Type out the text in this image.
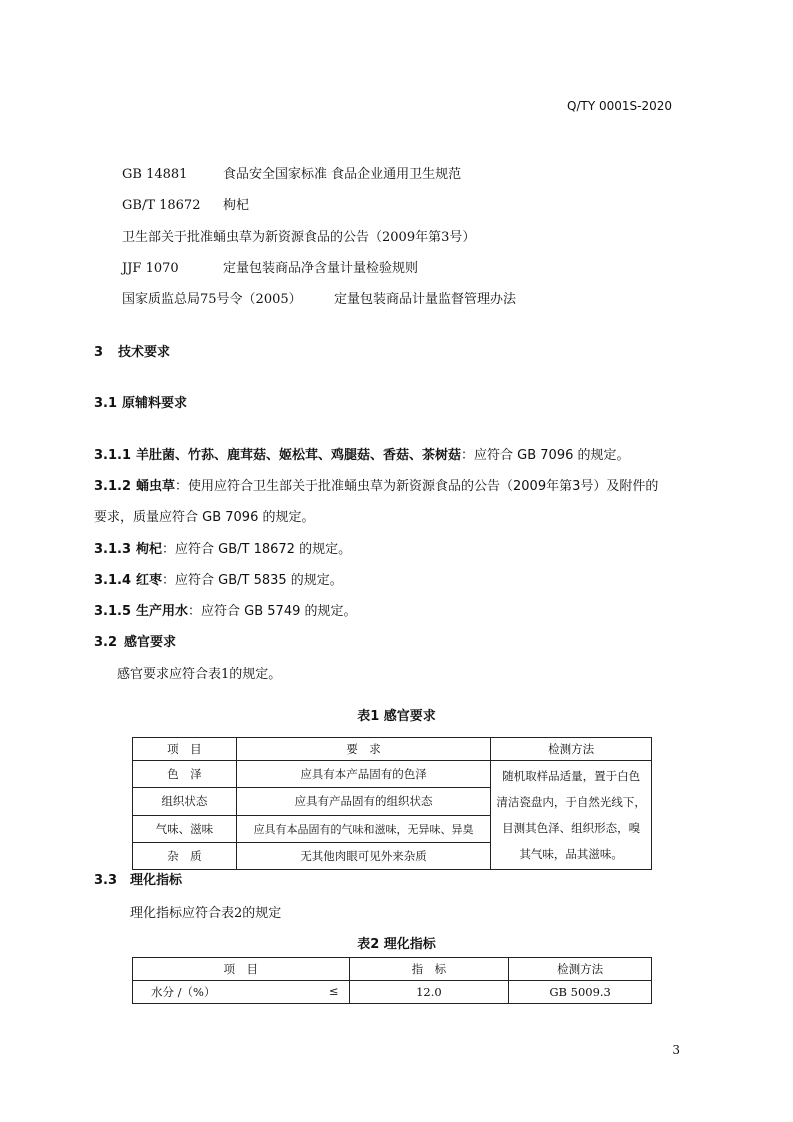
Q/TY 0001S-2020
GB 14881	食品安全国家标准 食品企业通用卫生规范
GB/T 18672 枸杞
卫生部关于批准蛹虫草为新资源食品的公告（2009年第3号）
JJF 1070	定量包装商品净含量计量检验规则
国家质监总局75号令（2005） 定量包装商品计量监督管理办法
3 技术要求
3.1 原辅料要求
3.1.1 羊肚菌、竹荪、鹿茸菇、姬松茸、鸡腿菇、香菇、茶树菇：应符合 GB 7096 的规定。
3.1.2 蛹虫草：使用应符合卫生部关于批准蛹虫草为新资源食品的公告（2009年第3号）及附件的
要求，质量应符合 GB 7096 的规定。
3.1.3 枸杞：应符合 GB/T 18672 的规定。
3.1.4 红枣：应符合 GB/T 5835 的规定。
3.1.5 生产用水：应符合 GB 5749 的规定。
3.2 感官要求
感官要求应符合表1的规定。
表1 感官要求
项　目	要　求	检测方法
色　泽	应具有本产品固有的色泽	随机取样品适量，置于白色
清洁瓷盘内，于自然光线下，
目测其色泽、组织形态，嗅
其气味，品其滋味。

组织状态	应具有产品固有的组织状态	
气味、滋味	应具有本品固有的气味和滋味，无异味、异臭	
杂　质	无其他肉眼可见外来杂质	
3.3 理化指标
理化指标应符合表2的规定
表2 理化指标
项　目	指　标	检测方法
水分 /（%） ≤	12.0	GB 5009.3
3
